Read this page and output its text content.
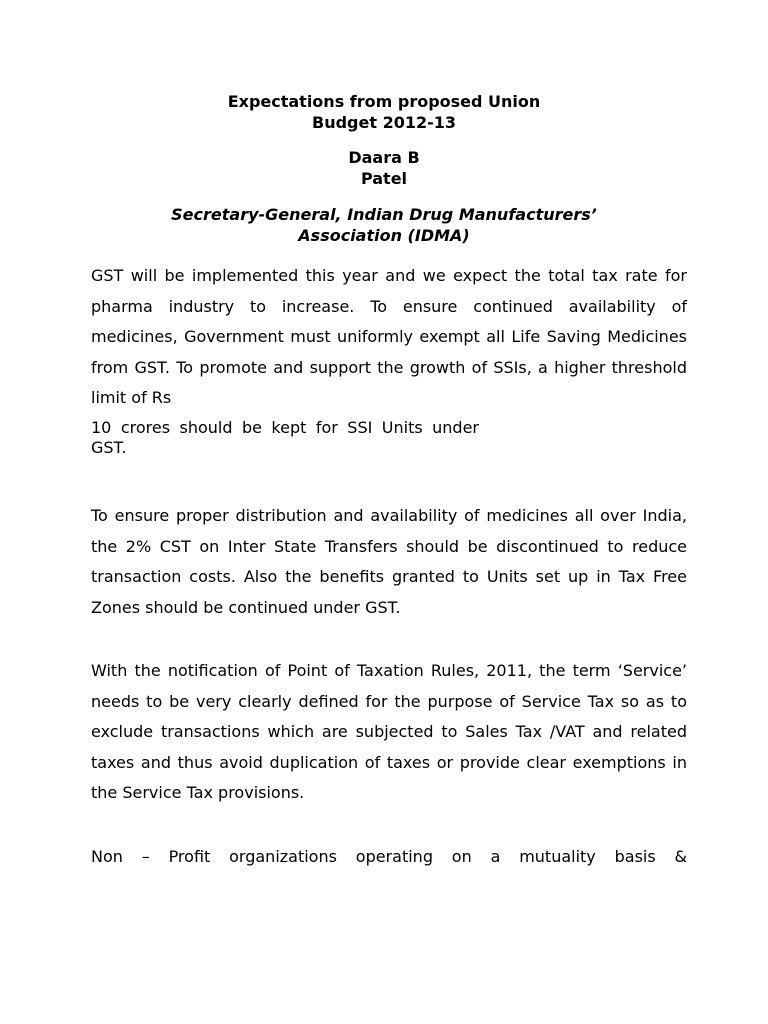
Expectations from proposed Union
Budget 2012-13

Daara B
Patel

Secretary-General, Indian Drug Manufacturers’
Association (IDMA)

GST will be implemented this year and we expect the total tax rate for pharma industry to increase. To ensure continued availability of medicines, Government must uniformly exempt all Life Saving Medicines from GST. To promote and support the growth of SSIs, a higher threshold limit of Rs

10 crores should be kept for SSI Units under GST.

To ensure proper distribution and availability of medicines all over India, the 2% CST on Inter State Transfers should be discontinued to reduce transaction costs. Also the benefits granted to Units set up in Tax Free Zones should be continued under GST.

With the notification of Point of Taxation Rules, 2011, the term ‘Service’ needs to be very clearly defined for the purpose of Service Tax so as to exclude transactions which are subjected to Sales Tax /VAT and related taxes and thus avoid duplication of taxes or provide clear exemptions in the Service Tax provisions.

Non – Profit organizations operating on a mutuality basis &
